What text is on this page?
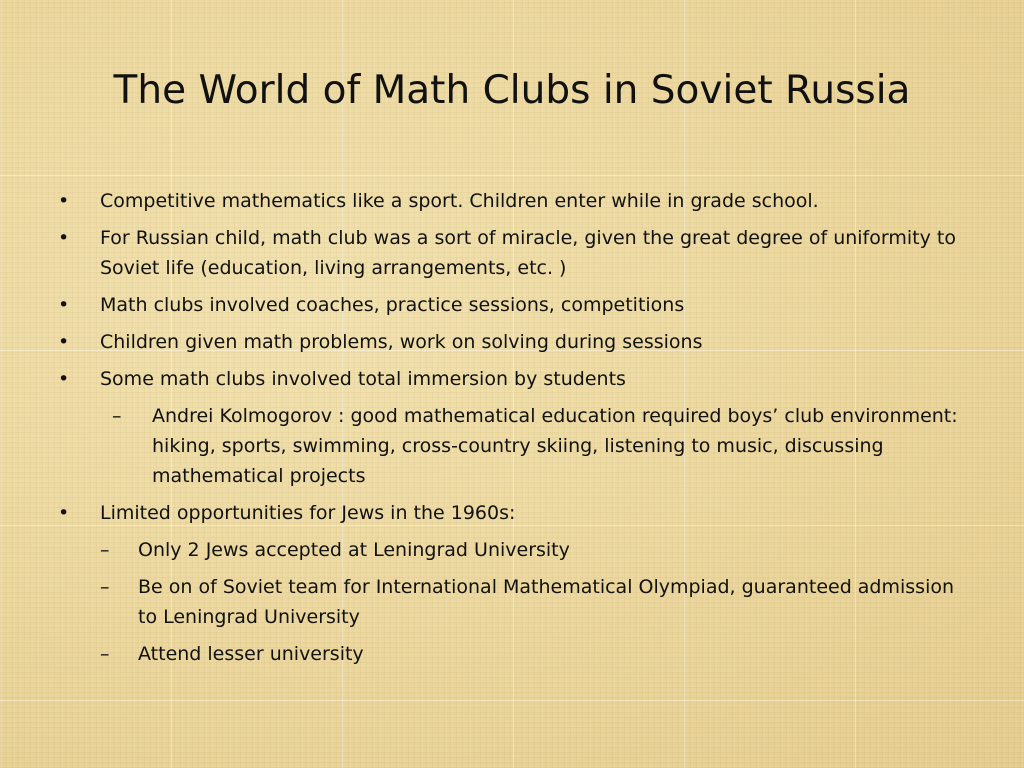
The World of Math Clubs in Soviet Russia
• Competitive mathematics like a sport. Children enter while in grade school.
• For Russian child, math club was a sort of miracle, given the great degree of uniformity to Soviet life (education, living arrangements, etc. )
• Math clubs involved coaches, practice sessions, competitions
• Children given math problems, work on solving during sessions
• Some math clubs involved total immersion by students
– Andrei Kolmogorov : good mathematical education required boys’ club environment: hiking, sports, swimming, cross-country skiing, listening to music, discussing mathematical projects
• Limited opportunities for Jews in the 1960s:
– Only 2 Jews accepted at Leningrad University
– Be on of Soviet team for International Mathematical Olympiad, guaranteed admission to Leningrad University
– Attend lesser university
